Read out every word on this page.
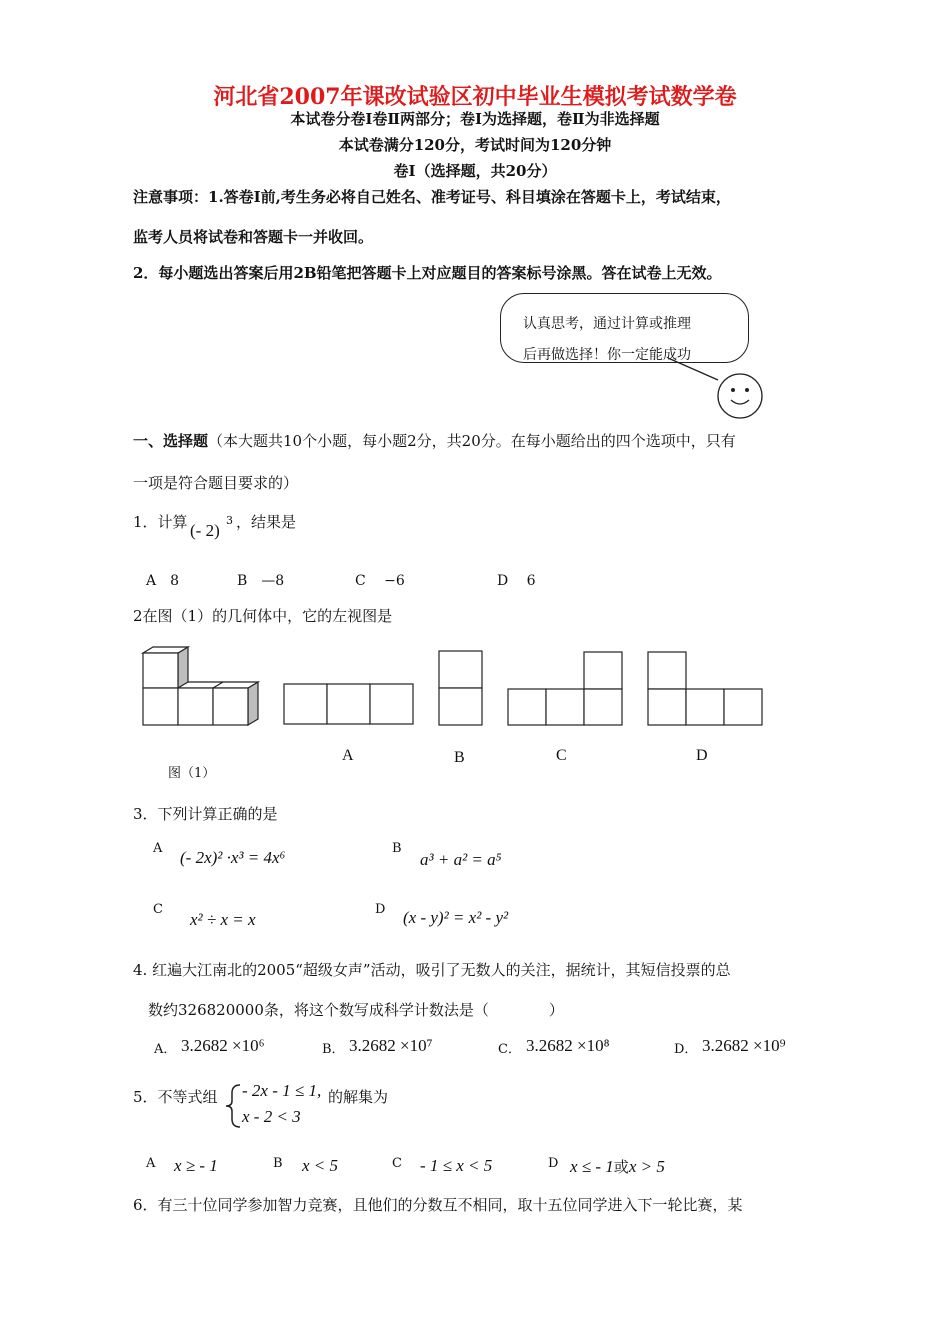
河北省2007年课改试验区初中毕业生模拟考试数学卷
本试卷分卷Ⅰ卷Ⅱ两部分；卷Ⅰ为选择题，卷Ⅱ为非选择题
本试卷满分120分，考试时间为120分钟
卷Ⅰ（选择题，共20分）
注意事项：1.答卷Ⅰ前,考生务必将自己姓名、准考证号、科目填涂在答题卡上，考试结束，
监考人员将试卷和答题卡一并收回。
2．每小题选出答案后用2B铅笔把答题卡上对应题目的答案标号涂黑。答在试卷上无效。
认真思考，通过计算或推理
后再做选择！你一定能成功
一、选择题（本大题共10个小题，每小题2分，共20分。在每小题给出的四个选项中，只有
一项是符合题目要求的）
1．计算 (- 2)
3 ，结果是
A　8	B　—8	C　 −6	D　 6
2在图（1）的几何体中，它的左视图是
图（1）
A	B	C	D
3．下列计算正确的是
A (- 2x)² ·x³ = 4x⁶	B
a³ + a² = a⁵
C
x² ÷ x = x
D (x - y)² = x² - y²
4. 红遍大江南北的2005“超级女声”活动，吸引了无数人的关注，据统计，其短信投票的总
数约326820000条，将这个数写成科学计数法是（　　　　）
A． 3.2682 ×10⁶	B． 3.2682 ×10⁷	C． 3.2682 ×10⁸	D． 3.2682 ×10⁹
5．不等式组 - 2x - 1 ≤ 1,
x - 2 < 3
的解集为
A x ≥ - 1	B x < 5	C - 1 ≤ x < 5	D x ≤ - 1或x > 5
6．有三十位同学参加智力竞赛，且他们的分数互不相同，取十五位同学进入下一轮比赛，某
